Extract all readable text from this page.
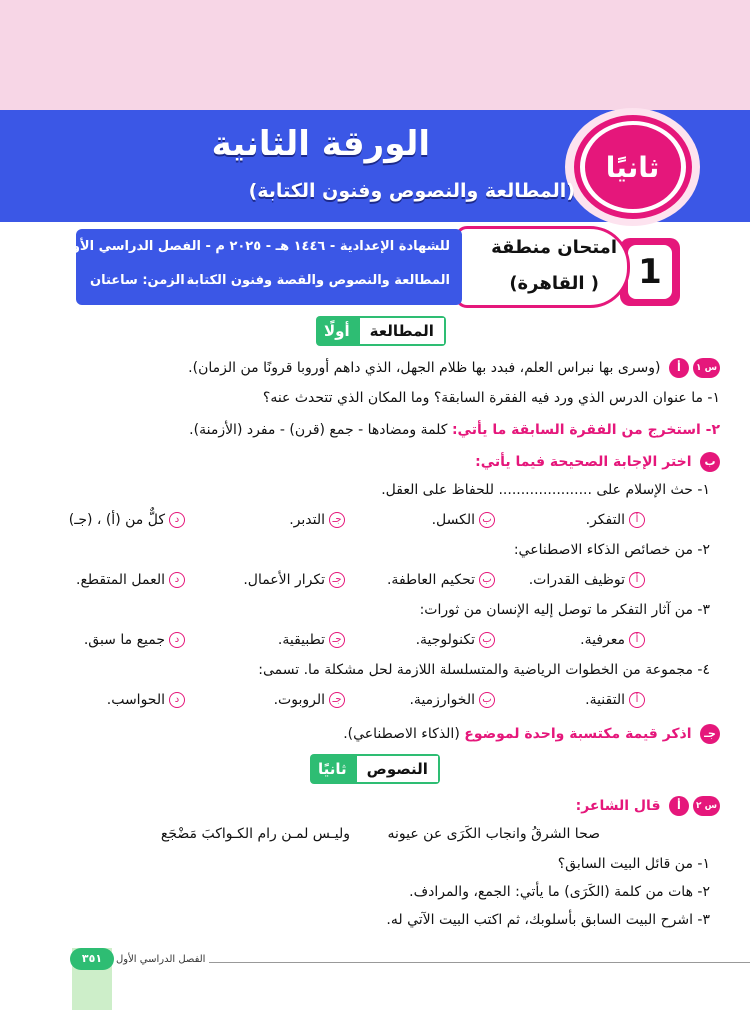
ثانيًا
الورقة الثانية
(المطالعة والنصوص وفنون الكتابة)
1
امتحان منطقة
( القاهرة)
للشهادة الإعدادية - ١٤٤٦ هـ - ٢٠٢٥ م - الفصل الدراسي الأول
المطالعة والنصوص والقصة وفنون الكتابة
الزمن: ساعتان
المطالعة
أولًا
س ١أ (وسرى بها نبراس العلم، فبدد بها ظلام الجهل، الذي داهم أوروبا قرونًا من الزمان).
١- ما عنوان الدرس الذي ورد فيه الفقرة السابقة؟ وما المكان الذي تتحدث عنه؟
٢- استخرج من الفقرة السابقة ما يأتي: كلمة ومضادها - جمع (قرن) - مفرد (الأزمنة).
ب اختر الإجابة الصحيحة فيما يأتي:
١- حث الإسلام على ..................... للحفاظ على العقل.
أالتفكر.
بالكسل.
جـالتدبر.
دكلٌّ من (أ) ، (جـ)
٢- من خصائص الذكاء الاصطناعي:
أتوظيف القدرات.
بتحكيم العاطفة.
جـتكرار الأعمال.
دالعمل المتقطع.
٣- من آثار التفكر ما توصل إليه الإنسان من ثورات:
أمعرفية.
بتكنولوجية.
جـتطبيقية.
دجميع ما سبق.
٤- مجموعة من الخطوات الرياضية والمتسلسلة اللازمة لحل مشكلة ما. تسمى:
أالتقنية.
بالخوارزمية.
جـالروبوت.
دالحواسب.
جـ اذكر قيمة مكتسبة واحدة لموضوع (الذكاء الاصطناعي).
النصوص
ثانيًا
س ٢أ قال الشاعر:
صحا الشرقُ وانجاب الكَرَى عن عيونه
وليـس لمـن رام الكـواكبَ مَضْجَع
١- من قائل البيت السابق؟
٢- هات من كلمة (الكَرَى) ما يأتي: الجمع، والمرادف.
٣- اشرح البيت السابق بأسلوبك، ثم اكتب البيت الآتي له.
الفصل الدراسي الأول
٣٥١
